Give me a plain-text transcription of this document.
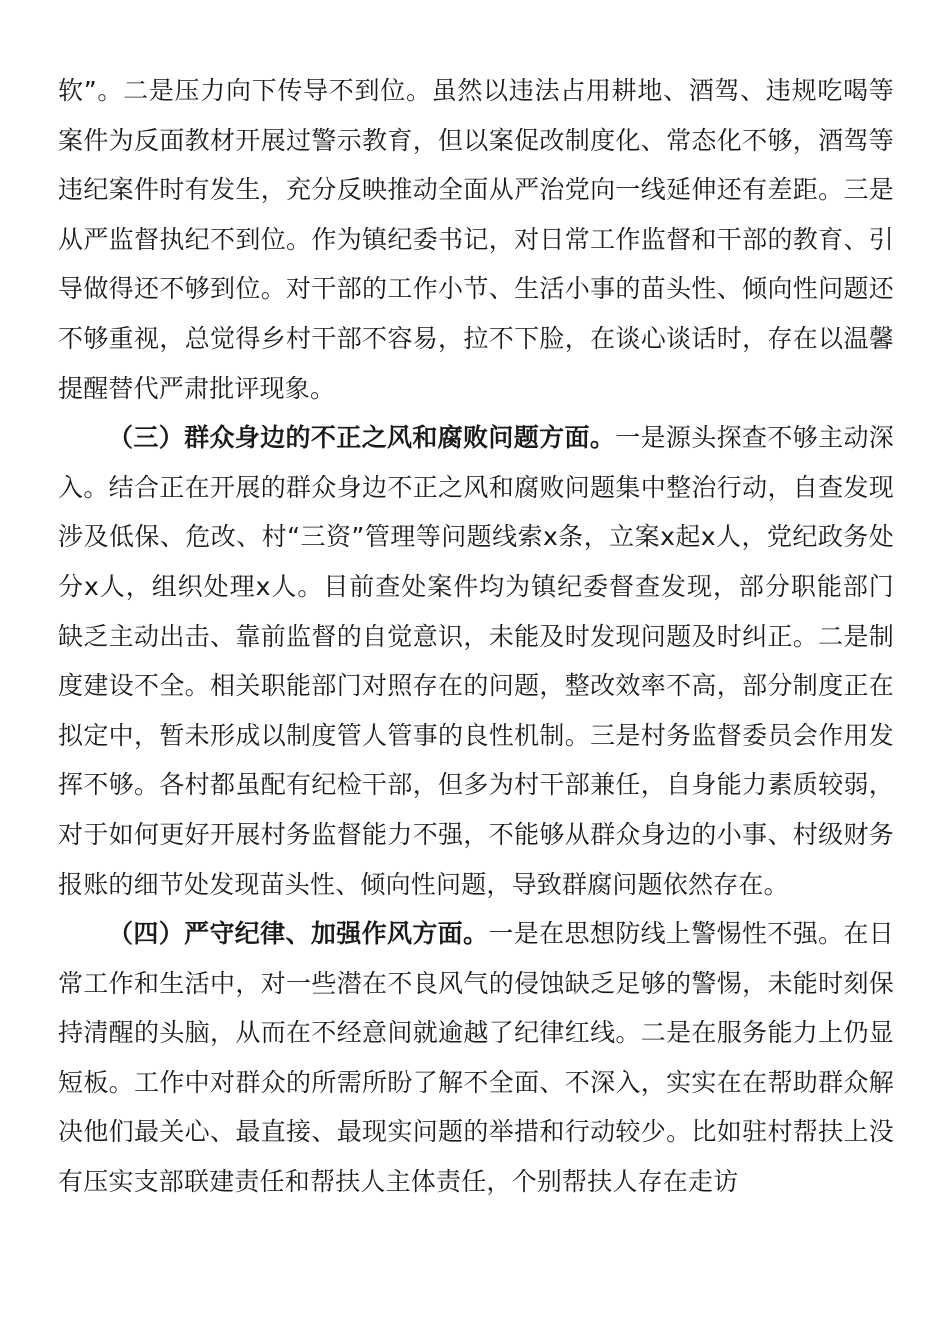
软”。二是压力向下传导不到位。虽然以违法占用耕地、酒驾、违规吃喝等案件为反面教材开展过警示教育，但以案促改制度化、常态化不够，酒驾等违纪案件时有发生，充分反映推动全面从严治党向一线延伸还有差距。三是从严监督执纪不到位。作为镇纪委书记，对日常工作监督和干部的教育、引导做得还不够到位。对干部的工作小节、生活小事的苗头性、倾向性问题还不够重视，总觉得乡村干部不容易，拉不下脸，在谈心谈话时，存在以温馨提醒替代严肃批评现象。

（三）群众身边的不正之风和腐败问题方面。一是源头探查不够主动深入。结合正在开展的群众身边不正之风和腐败问题集中整治行动，自查发现涉及低保、危改、村“三资”管理等问题线索x条，立案x起x人，党纪政务处分x人，组织处理x人。目前查处案件均为镇纪委督查发现，部分职能部门缺乏主动出击、靠前监督的自觉意识，未能及时发现问题及时纠正。二是制度建设不全。相关职能部门对照存在的问题，整改效率不高，部分制度正在拟定中，暂未形成以制度管人管事的良性机制。三是村务监督委员会作用发挥不够。各村都虽配有纪检干部，但多为村干部兼任，自身能力素质较弱，对于如何更好开展村务监督能力不强，不能够从群众身边的小事、村级财务报账的细节处发现苗头性、倾向性问题，导致群腐问题依然存在。

（四）严守纪律、加强作风方面。一是在思想防线上警惕性不强。在日常工作和生活中，对一些潜在不良风气的侵蚀缺乏足够的警惕，未能时刻保持清醒的头脑，从而在不经意间就逾越了纪律红线。二是在服务能力上仍显短板。工作中对群众的所需所盼了解不全面、不深入，实实在在帮助群众解决他们最关心、最直接、最现实问题的举措和行动较少。比如驻村帮扶上没有压实支部联建责任和帮扶人主体责任，个别帮扶人存在走访
